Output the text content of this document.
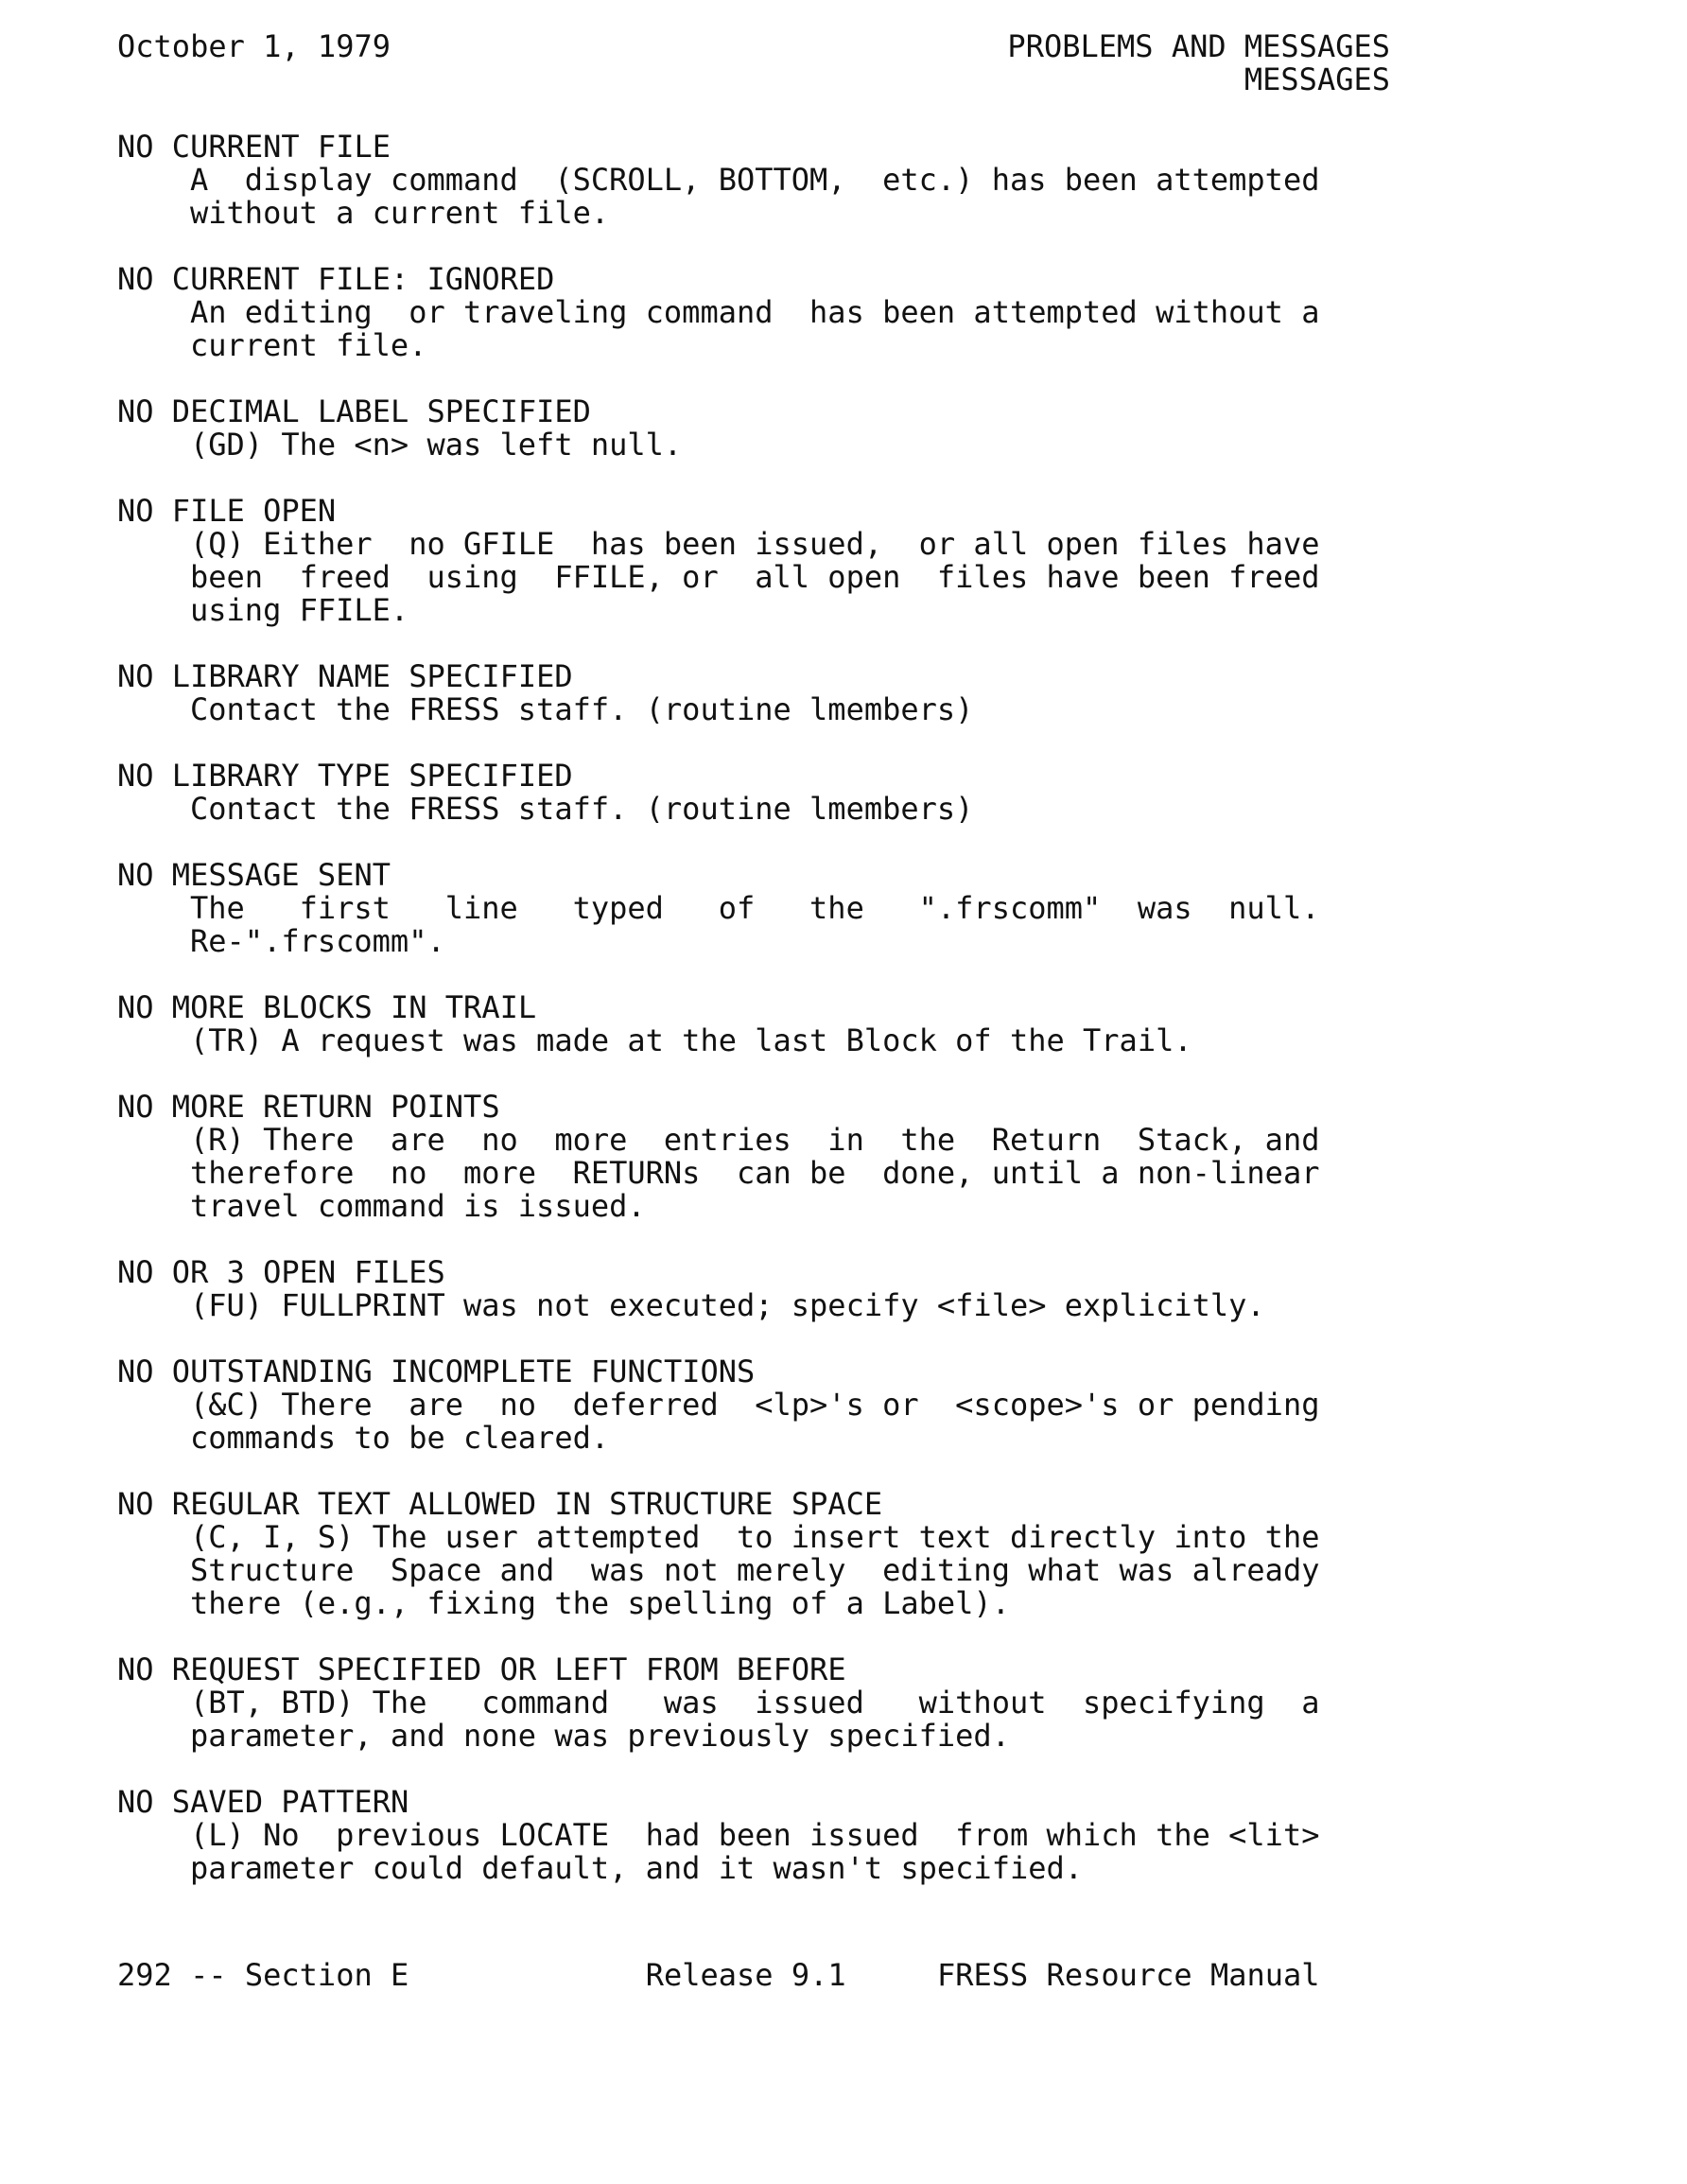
October 1, 1979	PROBLEMS AND MESSAGES
MESSAGES
NO CURRENT FILE
A  display command  (SCROLL, BOTTOM,  etc.) has been attempted
without a current file.
NO CURRENT FILE: IGNORED
An editing  or traveling command  has been attempted without a
current file.
NO DECIMAL LABEL SPECIFIED
(GD) The <n> was left null.
NO FILE OPEN
(Q) Either  no GFILE  has been issued,  or all open files have
been  freed  using  FFILE, or  all open  files have been freed
using FFILE.
NO LIBRARY NAME SPECIFIED
Contact the FRESS staff. (routine lmembers)
NO LIBRARY TYPE SPECIFIED
Contact the FRESS staff. (routine lmembers)
NO MESSAGE SENT
The   first   line   typed   of   the   ".frscomm"  was  null.
Re-".frscomm".
NO MORE BLOCKS IN TRAIL
(TR) A request was made at the last Block of the Trail.
NO MORE RETURN POINTS
(R) There  are  no  more  entries  in  the  Return  Stack, and
therefore  no  more  RETURNs  can be  done, until a non-linear
travel command is issued.
NO OR 3 OPEN FILES
(FU) FULLPRINT was not executed; specify <file> explicitly.
NO OUTSTANDING INCOMPLETE FUNCTIONS
(&C) There  are  no  deferred  <lp>'s or  <scope>'s or pending
commands to be cleared.
NO REGULAR TEXT ALLOWED IN STRUCTURE SPACE
(C, I, S) The user attempted  to insert text directly into the
Structure  Space and  was not merely  editing what was already
there (e.g., fixing the spelling of a Label).
NO REQUEST SPECIFIED OR LEFT FROM BEFORE
(BT, BTD) The   command   was  issued   without  specifying  a
parameter, and none was previously specified.
NO SAVED PATTERN
(L) No  previous LOCATE  had been issued  from which the <lit>
parameter could default, and it wasn't specified.
292 -- Section E             Release 9.1     FRESS Resource Manual
